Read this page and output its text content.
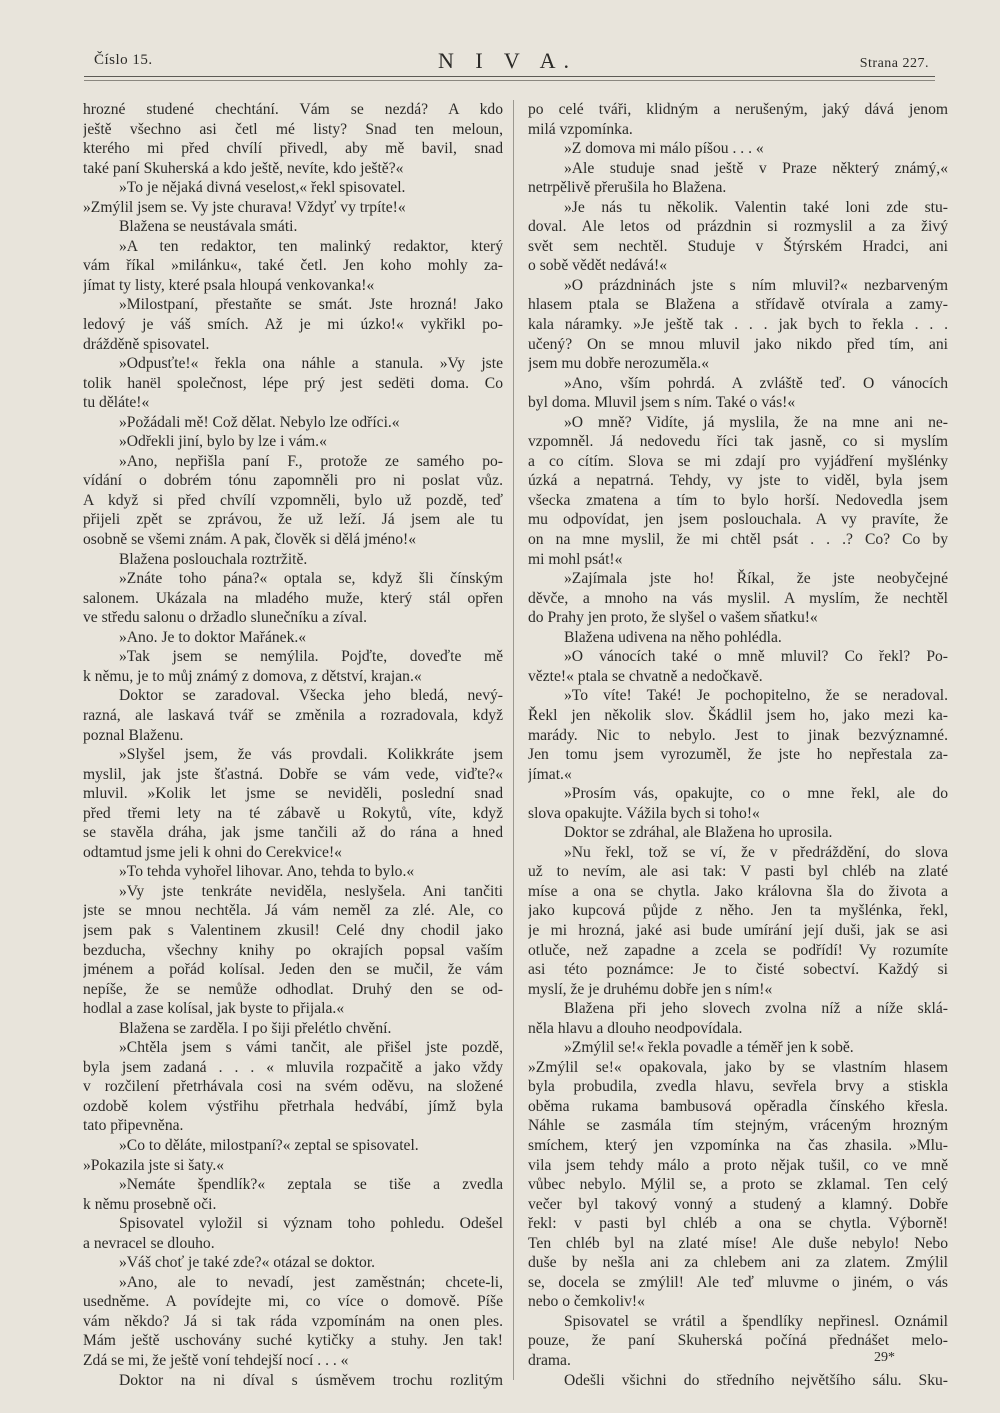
Číslo 15.	N I V A.	Strana 227.

hrozné studené chechtání. Vám se nezdá? A kdo

ještě všechno asi četl mé listy? Snad ten meloun,

kterého mi před chvílí přivedl, aby mě bavil, snad

také paní Skuherská a kdo ještě, nevíte, kdo ještě?«

»To je nějaká divná veselost,« řekl spisovatel.

»Zmýlil jsem se. Vy jste churava! Vždyť vy trpíte!«

Blažena se neustávala smáti.

»A ten redaktor, ten malinký redaktor, který

vám říkal »milánku«, také četl. Jen koho mohly za-

jímat ty listy, které psala hloupá venkovanka!«

»Milostpaní, přestaňte se smát. Jste hrozná! Jako

ledový je váš smích. Až je mi úzko!« vykřikl po-

drážděně spisovatel.

»Odpusťte!« řekla ona náhle a stanula. »Vy jste

tolik hanël společnost, lépe prý jest sedëti doma. Co

tu děláte!«

»Požádali mě! Což dělat. Nebylo lze odříci.«

»Odřekli jiní, bylo by lze i vám.«

»Ano, nepřišla paní F., protože ze samého po-

vídání o dobrém tónu zapomněli pro ni poslat vůz.

A když si před chvílí vzpomněli, bylo už pozdě, teď

přijeli zpět se zprávou, že už leží. Já jsem ale tu

osobně se všemi znám. A pak, člověk si dělá jméno!«

Blažena poslouchala roztržitě.

»Znáte toho pána?« optala se, když šli čínským

salonem. Ukázala na mladého muže, který stál opřen

ve středu salonu o držadlo slunečníku a zíval.

»Ano. Je to doktor Mařánek.«

»Tak jsem se nemýlila. Pojďte, doveďte mě

k němu, je to můj známý z domova, z dětství, krajan.«

Doktor se zaradoval. Všecka jeho bledá, nevý-

razná, ale laskavá tvář se změnila a rozradovala, když

poznal Blaženu.

»Slyšel jsem, že vás provdali. Kolikkráte jsem

myslil, jak jste šťastná. Dobře se vám vede, viďte?«

mluvil. »Kolik let jsme se neviděli, poslední snad

před třemi lety na té zábavě u Rokytů, víte, když

se stavěla dráha, jak jsme tančili až do rána a hned

odtamtud jsme jeli k ohni do Cerekvice!«

»To tehda vyhořel lihovar. Ano, tehda to bylo.«

»Vy jste tenkráte neviděla, neslyšela. Ani tančiti

jste se mnou nechtěla. Já vám neměl za zlé. Ale, co

jsem pak s Valentinem zkusil! Celé dny chodil jako

bezducha, všechny knihy po okrajích popsal vaším

jménem a pořád kolísal. Jeden den se mučil, že vám

nepíše, že se nemůže odhodlat. Druhý den se od-

hodlal a zase kolísal, jak byste to přijala.«

Blažena se zarděla. I po šiji přelétlo chvění.

»Chtěla jsem s vámi tančit, ale přišel jste pozdě,

byla jsem zadaná . . . « mluvila rozpačitě a jako vždy

v rozčilení přetrhávala cosi na svém oděvu, na složené

ozdobě kolem výstřihu přetrhala hedvábí, jímž byla

tato připevněna.

»Co to děláte, milostpaní?« zeptal se spisovatel.

»Pokazila jste si šaty.«

»Nemáte špendlík?« zeptala se tiše a zvedla

k němu prosebně oči.

Spisovatel vyložil si význam toho pohledu. Odešel

a nevracel se dlouho.

»Váš choť je také zde?« otázal se doktor.

»Ano, ale to nevadí, jest zaměstnán; chcete-li,

usedněme. A povídejte mi, co více o domově. Píše

vám někdo? Já si tak ráda vzpomínám na onen ples.

Mám ještě uschovány suché kytičky a stuhy. Jen tak!

Zdá se mi, že ještě voní tehdejší nocí . . . «

Doktor na ni díval s úsměvem trochu rozlitým

po celé tváři, klidným a nerušeným, jaký dává jenom

milá vzpomínka.

»Z domova mi málo píšou . . . «

»Ale studuje snad ještě v Praze některý známý,«

netrpělivě přerušila ho Blažena.

»Je nás tu několik. Valentin také loni zde stu-

doval. Ale letos od prázdnin si rozmyslil a za živý

svět sem nechtěl. Studuje v Štýrském Hradci, ani

o sobě vědět nedává!«

»O prázdninách jste s ním mluvil?« nezbarveným

hlasem ptala se Blažena a střídavě otvírala a zamy-

kala náramky. »Je ještě tak . . . jak bych to řekla . . .

učený? On se mnou mluvil jako nikdo před tím, ani

jsem mu dobře nerozuměla.«

»Ano, vším pohrdá. A zvláště teď. O vánocích

byl doma. Mluvil jsem s ním. Také o vás!«

»O mně? Vidíte, já myslila, že na mne ani ne-

vzpomněl. Já nedovedu říci tak jasně, co si myslím

a co cítím. Slova se mi zdají pro vyjádření myšlénky

úzká a nepatrná. Tehdy, vy jste to viděl, byla jsem

všecka zmatena a tím to bylo horší. Nedovedla jsem

mu odpovídat, jen jsem poslouchala. A vy pravíte, že

on na mne myslil, že mi chtěl psát . . .? Co? Co by

mi mohl psát!«

»Zajímala jste ho! Říkal, že jste neobyčejné

děvče, a mnoho na vás myslil. A myslím, že nechtěl

do Prahy jen proto, že slyšel o vašem sňatku!«

Blažena udivena na něho pohlédla.

»O vánocích také o mně mluvil? Co řekl? Po-

vězte!« ptala se chvatně a nedočkavě.

»To víte! Také! Je pochopitelno, že se neradoval.

Řekl jen několik slov. Škádlil jsem ho, jako mezi ka-

marády. Nic to nebylo. Jest to jinak bezvýznamné.

Jen tomu jsem vyrozuměl, že jste ho nepřestala za-

jímat.«

»Prosím vás, opakujte, co o mne řekl, ale do

slova opakujte. Vážila bych si toho!«

Doktor se zdráhal, ale Blažena ho uprosila.

»Nu řekl, tož se ví, že v předráždění, do slova

už to nevím, ale asi tak: V pasti byl chléb na zlaté

míse a ona se chytla. Jako královna šla do života a

jako kupcová půjde z něho. Jen ta myšlénka, řekl,

je mi hrozná, jaké asi bude umírání její duši, jak se asi

otluče, než zapadne a zcela se podřídí! Vy rozumíte

asi této poznámce: Je to čisté sobectví. Každý si

myslí, že je druhému dobře jen s ním!«

Blažena při jeho slovech zvolna níž a níže sklá-

něla hlavu a dlouho neodpovídala.

»Zmýlil se!« řekla povadle a téměř jen k sobě.

»Zmýlil se!« opakovala, jako by se vlastním hlasem

byla probudila, zvedla hlavu, sevřela brvy a stiskla

oběma rukama bambusová opěradla čínského křesla.

Náhle se zasmála tím stejným, vráceným hrozným

smíchem, který jen vzpomínka na čas zhasila. »Mlu-

vila jsem tehdy málo a proto nějak tušil, co ve mně

vůbec nebylo. Mýlil se, a proto se zklamal. Ten celý

večer byl takový vonný a studený a klamný. Dobře

řekl: v pasti byl chléb a ona se chytla. Výborně!

Ten chléb byl na zlaté míse! Ale duše nebylo! Nebo

duše by nešla ani za chlebem ani za zlatem. Zmýlil

se, docela se zmýlil! Ale teď mluvme o jiném, o vás

nebo o čemkoliv!«

Spisovatel se vrátil a špendlíky nepřinesl. Oznámil

pouze, že paní Skuherská počíná přednášet melo-

drama.

Odešli všichni do středního největšího sálu. Sku-

29*
